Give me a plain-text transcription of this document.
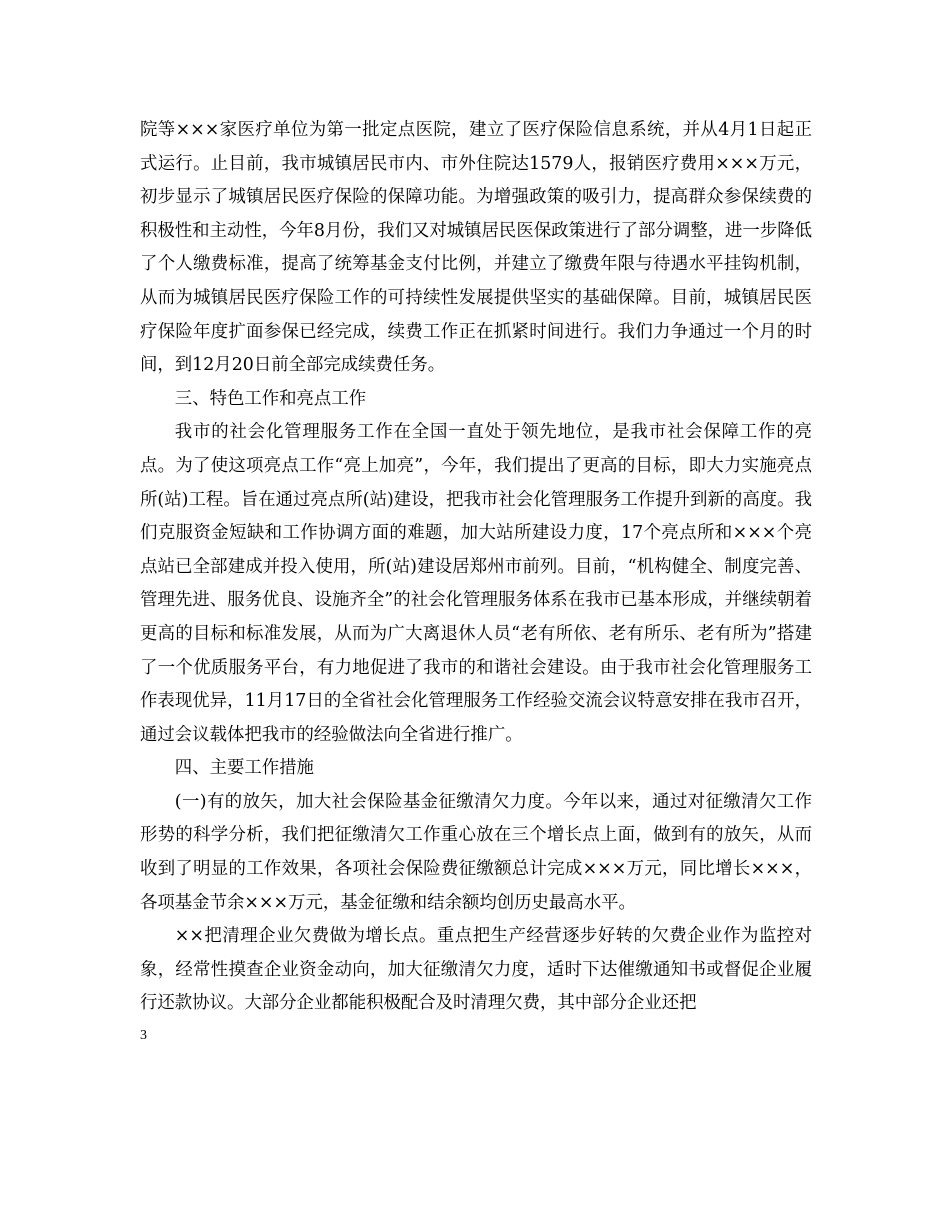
院等×××家医疗单位为第一批定点医院，建立了医疗保险信息系统，并从4月1日起正式运行。止目前，我市城镇居民市内、市外住院达1579人，报销医疗费用×××万元，初步显示了城镇居民医疗保险的保障功能。为增强政策的吸引力，提高群众参保续费的积极性和主动性，今年8月份，我们又对城镇居民医保政策进行了部分调整，进一步降低了个人缴费标准，提高了统筹基金支付比例，并建立了缴费年限与待遇水平挂钩机制，从而为城镇居民医疗保险工作的可持续性发展提供坚实的基础保障。目前，城镇居民医疗保险年度扩面参保已经完成，续费工作正在抓紧时间进行。我们力争通过一个月的时间，到12月20日前全部完成续费任务。

三、特色工作和亮点工作

我市的社会化管理服务工作在全国一直处于领先地位，是我市社会保障工作的亮点。为了使这项亮点工作“亮上加亮”，今年，我们提出了更高的目标，即大力实施亮点所(站)工程。旨在通过亮点所(站)建设，把我市社会化管理服务工作提升到新的高度。我们克服资金短缺和工作协调方面的难题，加大站所建设力度，17个亮点所和×××个亮点站已全部建成并投入使用，所(站)建设居郑州市前列。目前，“机构健全、制度完善、管理先进、服务优良、设施齐全”的社会化管理服务体系在我市已基本形成，并继续朝着更高的目标和标准发展，从而为广大离退休人员“老有所依、老有所乐、老有所为”搭建了一个优质服务平台，有力地促进了我市的和谐社会建设。由于我市社会化管理服务工作表现优异，11月17日的全省社会化管理服务工作经验交流会议特意安排在我市召开，通过会议载体把我市的经验做法向全省进行推广。

四、主要工作措施

(一)有的放矢，加大社会保险基金征缴清欠力度。今年以来，通过对征缴清欠工作形势的科学分析，我们把征缴清欠工作重心放在三个增长点上面，做到有的放矢，从而收到了明显的工作效果，各项社会保险费征缴额总计完成×××万元，同比增长×××，各项基金节余×××万元，基金征缴和结余额均创历史最高水平。

××把清理企业欠费做为增长点。重点把生产经营逐步好转的欠费企业作为监控对象，经常性摸查企业资金动向，加大征缴清欠力度，适时下达催缴通知书或督促企业履行还款协议。大部分企业都能积极配合及时清理欠费，其中部分企业还把

3
